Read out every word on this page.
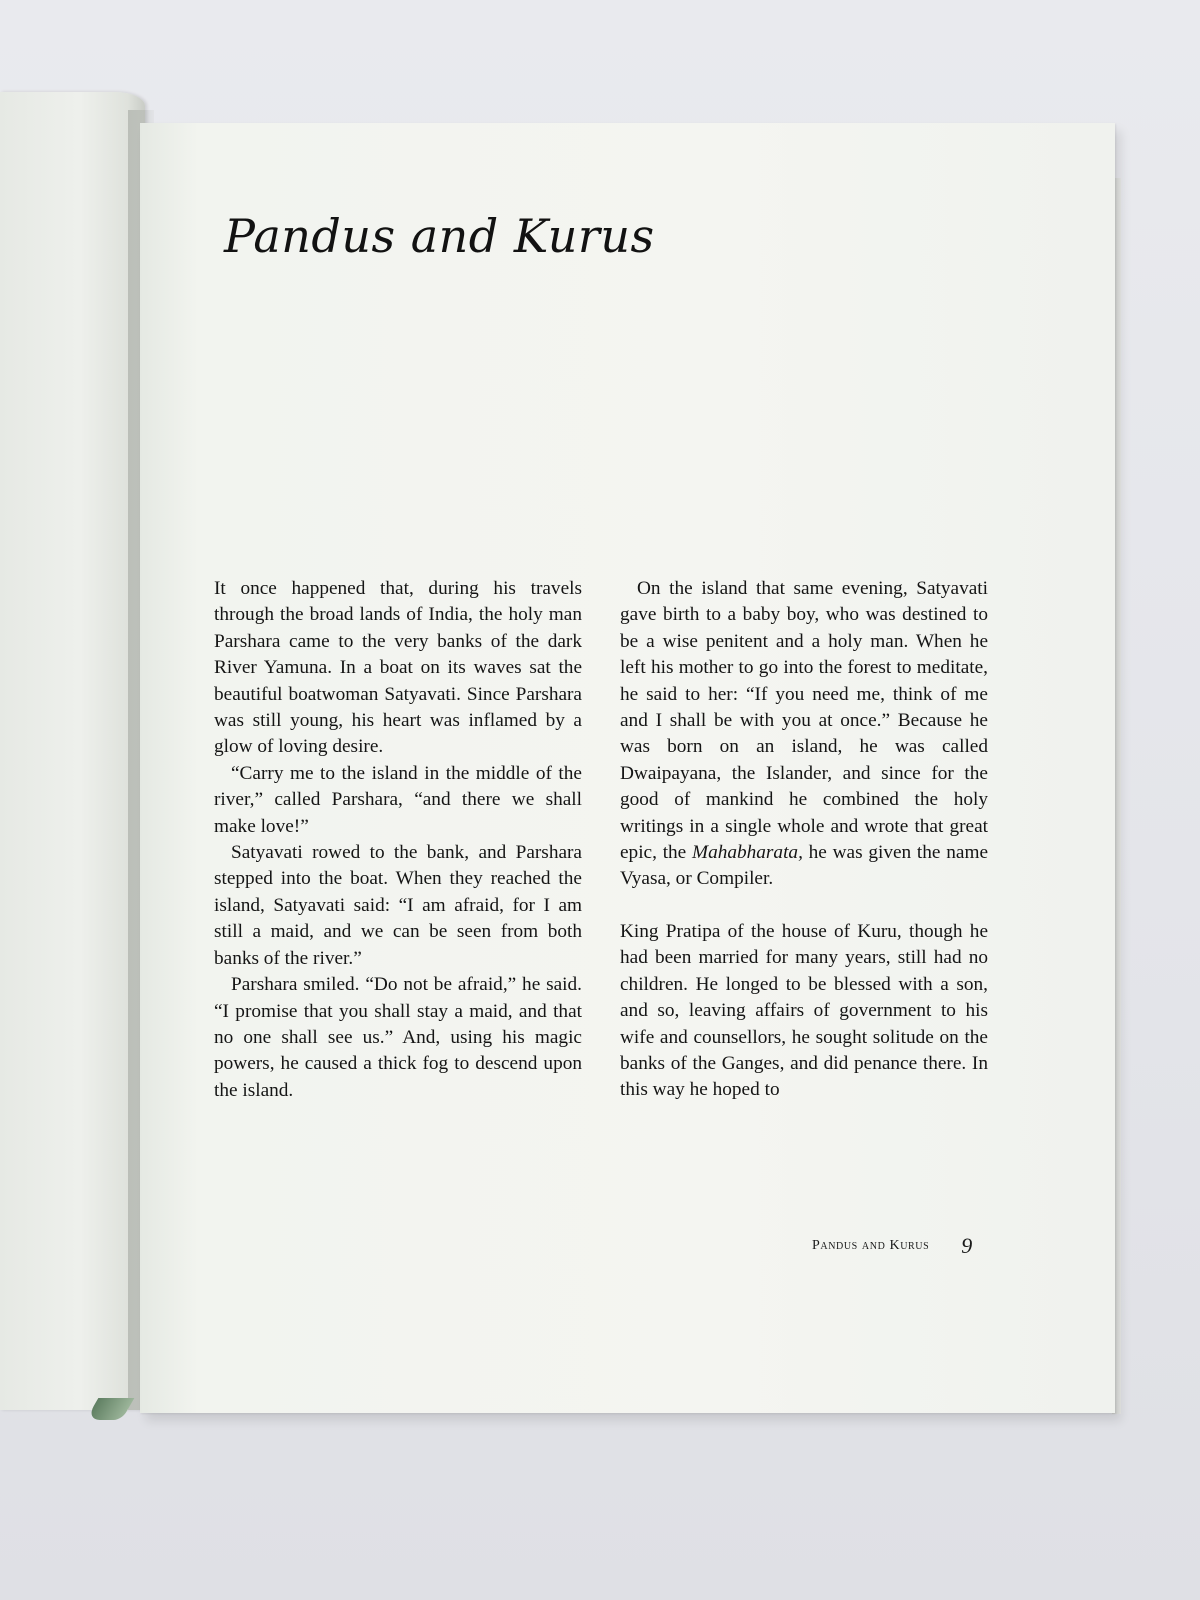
Pandus and Kurus

It once happened that, during his travels through the broad lands of India, the holy man Parshara came to the very banks of the dark River Yamuna. In a boat on its waves sat the beautiful boatwoman Satyavati. Since Parshara was still young, his heart was inflamed by a glow of loving desire.

“Carry me to the island in the middle of the river,” called Parshara, “and there we shall make love!”

Satyavati rowed to the bank, and Parshara stepped into the boat. When they reached the island, Satyavati said: “I am afraid, for I am still a maid, and we can be seen from both banks of the river.”

Parshara smiled. “Do not be afraid,” he said. “I promise that you shall stay a maid, and that no one shall see us.” And, using his magic powers, he caused a thick fog to descend upon the island.

On the island that same evening, Satyavati gave birth to a baby boy, who was destined to be a wise penitent and a holy man. When he left his mother to go into the forest to meditate, he said to her: “If you need me, think of me and I shall be with you at once.” Because he was born on an island, he was called Dwaipayana, the Islander, and since for the good of mankind he combined the holy writings in a single whole and wrote that great epic, the Mahabharata, he was given the name Vyasa, or Compiler.

King Pratipa of the house of Kuru, though he had been married for many years, still had no children. He longed to be blessed with a son, and so, leaving affairs of government to his wife and counsellors, he sought solitude on the banks of the Ganges, and did penance there. In this way he hoped to

Pandus and Kurus 9
